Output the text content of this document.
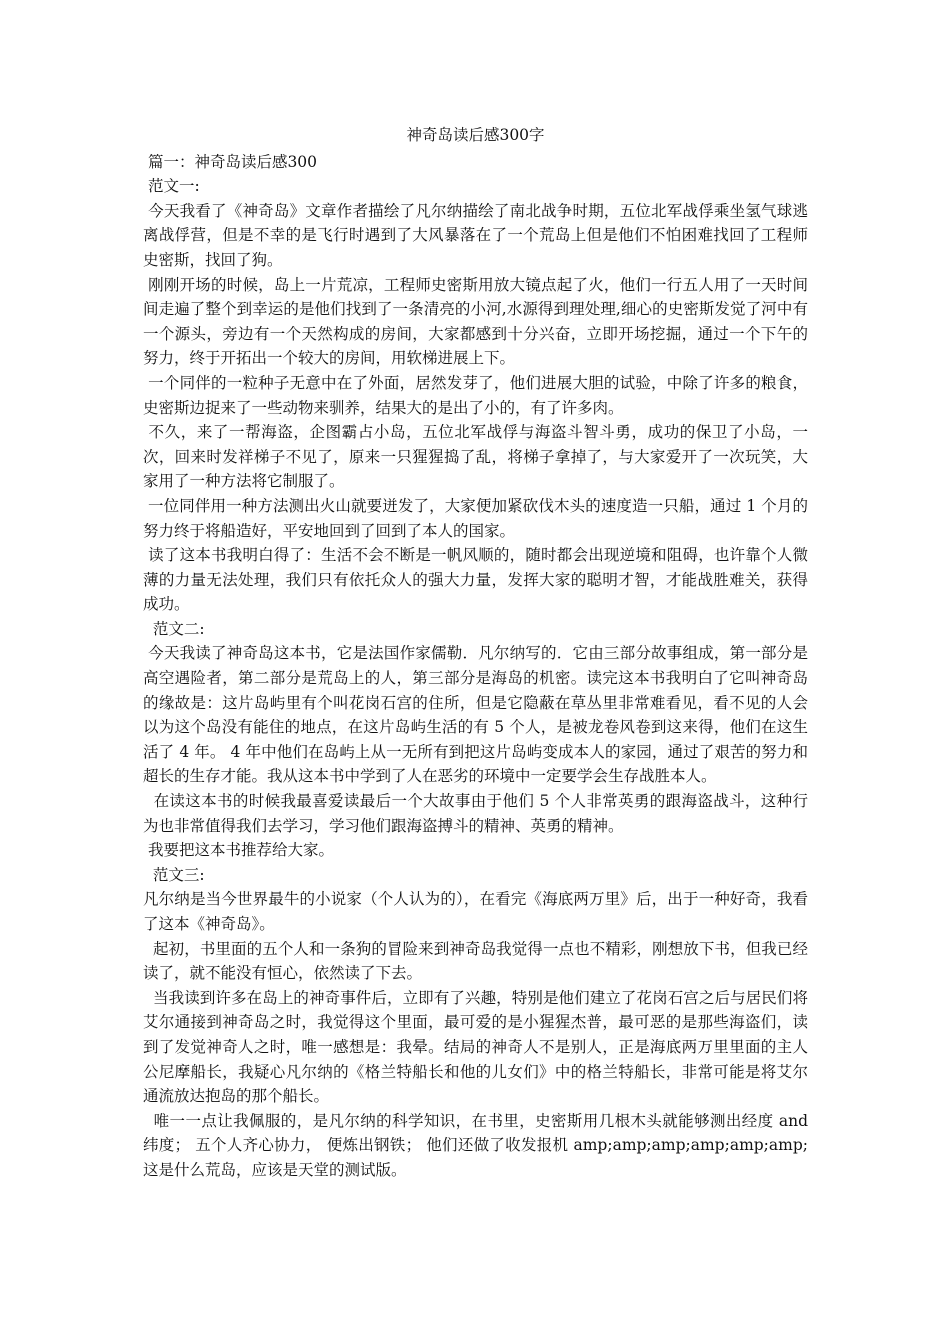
神奇岛读后感300字

篇一：神奇岛读后感300

范文一:

今天我看了《神奇岛》文章作者描绘了凡尔纳描绘了南北战争时期，五位北军战俘乘坐氢气球逃离战俘营，但是不幸的是飞行时遇到了大风暴落在了一个荒岛上但是他们不怕困难找回了工程师史密斯，找回了狗。

刚刚开场的时候，岛上一片荒凉，工程师史密斯用放大镜点起了火，他们一行五人用了一天时间间走遍了整个到幸运的是他们找到了一条清亮的小河,水源得到理处理,细心的史密斯发觉了河中有一个源头，旁边有一个天然构成的房间，大家都感到十分兴奋，立即开场挖掘，通过一个下午的努力，终于开拓出一个较大的房间，用软梯进展上下。

一个同伴的一粒种子无意中在了外面，居然发芽了，他们进展大胆的试验，中除了许多的粮食，史密斯边捉来了一些动物来驯养，结果大的是出了小的，有了许多肉。

不久，来了一帮海盗，企图霸占小岛，五位北军战俘与海盗斗智斗勇，成功的保卫了小岛，一次，回来时发祥梯子不见了，原来一只猩猩捣了乱，将梯子拿掉了，与大家爱开了一次玩笑，大家用了一种方法将它制服了。

一位同伴用一种方法测出火山就要迸发了，大家便加紧砍伐木头的速度造一只船，通过 1 个月的努力终于将船造好，平安地回到了回到了本人的国家。

读了这本书我明白得了：生活不会不断是一帆风顺的，随时都会出现逆境和阻碍，也许靠个人微薄的力量无法处理，我们只有依托众人的强大力量，发挥大家的聪明才智，才能战胜难关，获得成功。

范文二:

今天我读了神奇岛这本书，它是法国作家儒勒．凡尔纳写的．它由三部分故事组成，第一部分是高空遇险者，第二部分是荒岛上的人，第三部分是海岛的机密。读完这本书我明白了它叫神奇岛的缘故是：这片岛屿里有个叫花岗石宫的住所，但是它隐蔽在草丛里非常难看见，看不见的人会以为这个岛没有能住的地点，在这片岛屿生活的有 5 个人，是被龙卷风卷到这来得，他们在这生活了 4 年。 4 年中他们在岛屿上从一无所有到把这片岛屿变成本人的家园，通过了艰苦的努力和超长的生存才能。我从这本书中学到了人在恶劣的环境中一定要学会生存战胜本人。

在读这本书的时候我最喜爱读最后一个大故事由于他们 5 个人非常英勇的跟海盗战斗，这种行为也非常值得我们去学习，学习他们跟海盗搏斗的精神、英勇的精神。

我要把这本书推荐给大家。

范文三:

凡尔纳是当今世界最牛的小说家（个人认为的），在看完《海底两万里》后，出于一种好奇，我看了这本《神奇岛》。

起初，书里面的五个人和一条狗的冒险来到神奇岛我觉得一点也不精彩，刚想放下书，但我已经读了，就不能没有恒心，依然读了下去。

当我读到许多在岛上的神奇事件后，立即有了兴趣，特别是他们建立了花岗石宫之后与居民们将艾尔通接到神奇岛之时，我觉得这个里面，最可爱的是小猩猩杰普，最可恶的是那些海盗们，读到了发觉神奇人之时，唯一感想是：我晕。结局的神奇人不是别人，正是海底两万里里面的主人公尼摩船长，我疑心凡尔纳的《格兰特船长和他的儿女们》中的格兰特船长，非常可能是将艾尔通流放达抱岛的那个船长。

唯一一点让我佩服的，是凡尔纳的科学知识，在书里，史密斯用几根木头就能够测出经度 and 纬度； 五个人齐心协力， 便炼出钢铁； 他们还做了收发报机 amp;amp;amp;amp;amp;amp;这是什么荒岛，应该是天堂的测试版。
